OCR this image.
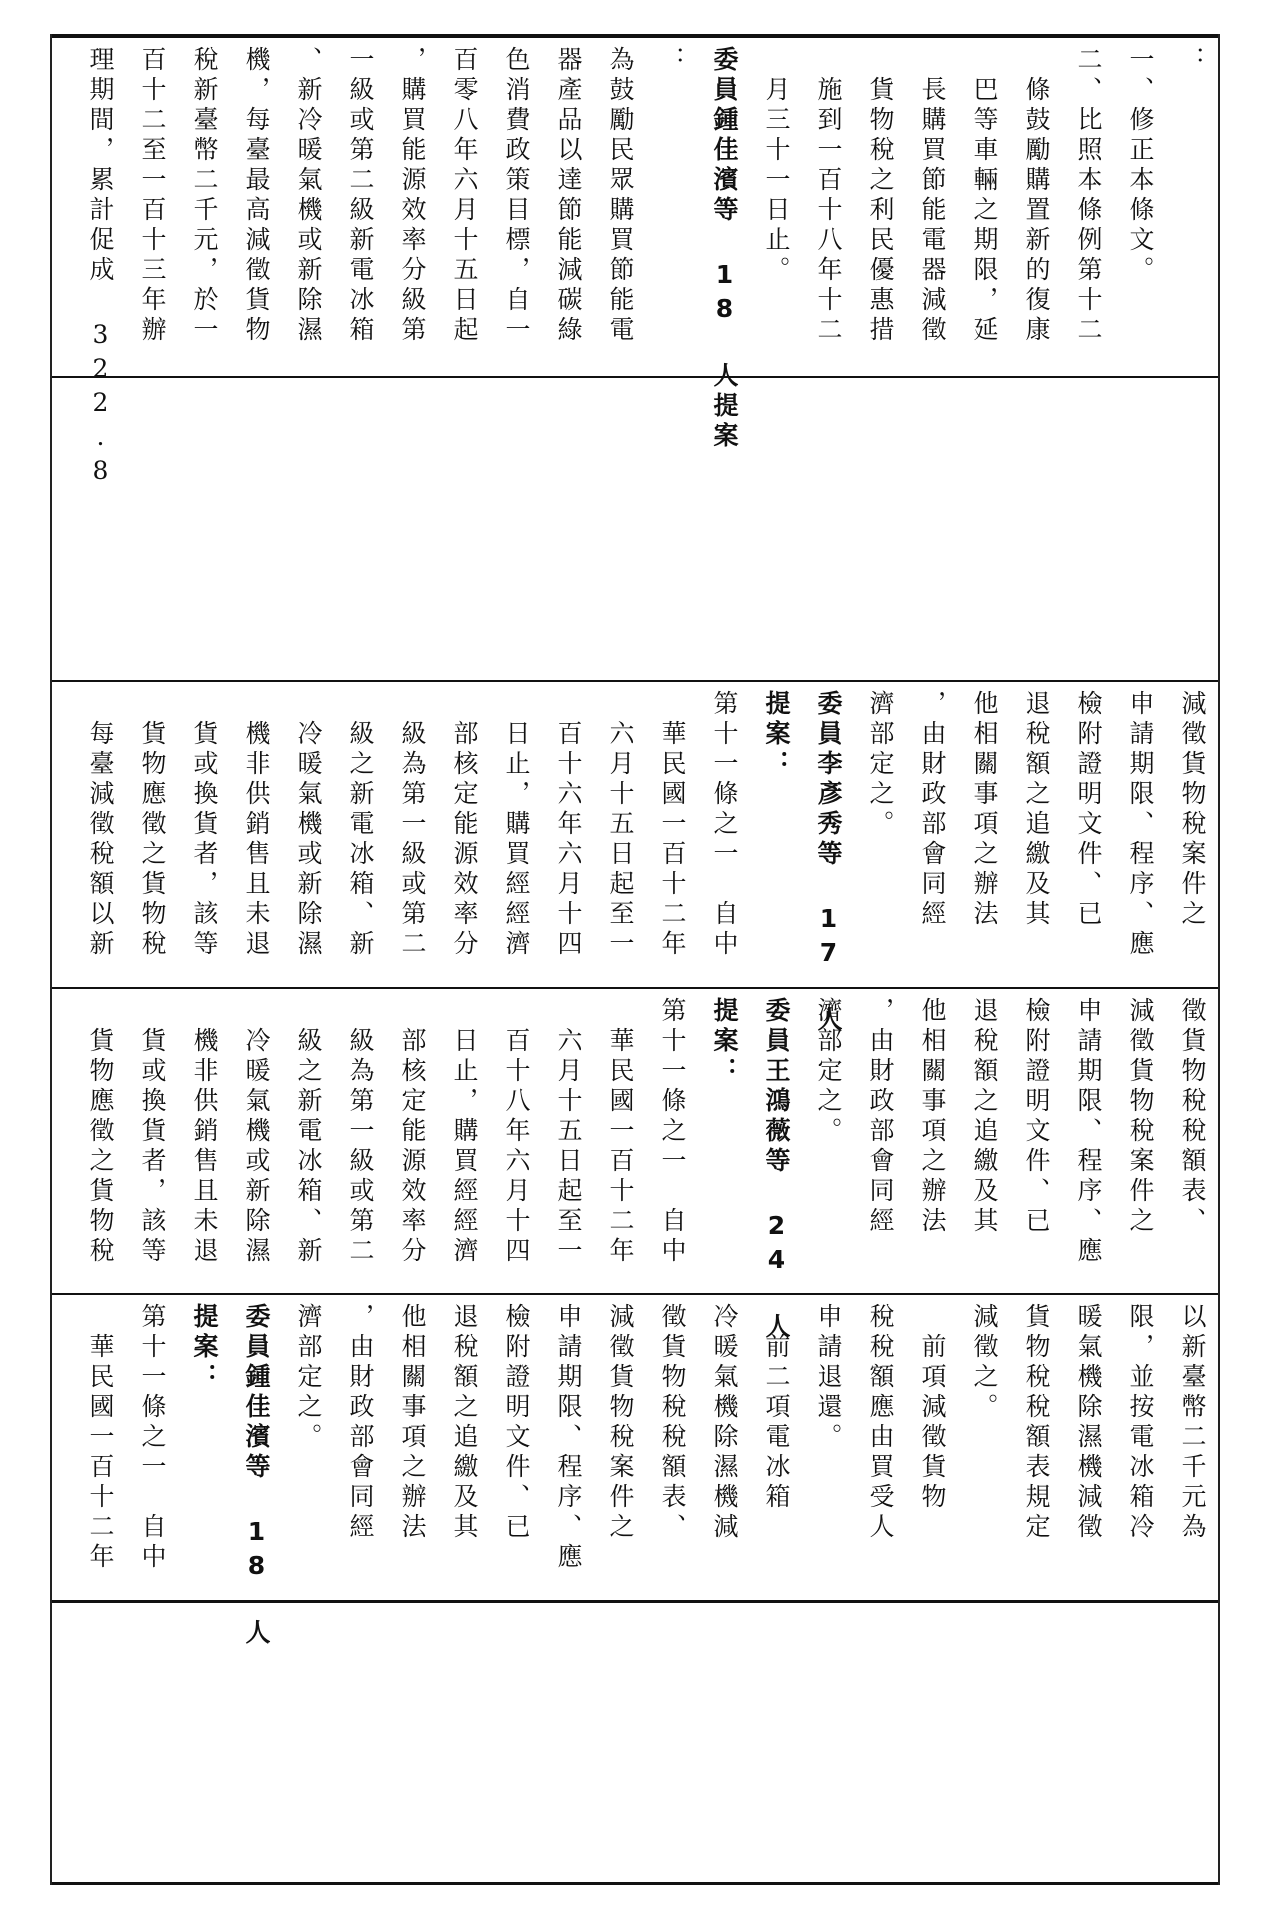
：
一、修正本條文。
二、比照本條例第十二
　條鼓勵購置新的復康
　巴等車輛之期限，延
　長購買節能電器減徵
　貨物稅之利民優惠措
　施到一百十八年十二
　月三十一日止。
委員鍾佳濱等 18 人提案
：
為鼓勵民眾購買節能電
器產品以達節能減碳綠
色消費政策目標，自一
百零八年六月十五日起
，購買能源效率分級第
一級或第二級新電冰箱
、新冷暖氣機或新除濕
機，每臺最高減徵貨物
稅新臺幣二千元，於一
百十二至一百十三年辦
理期間，累計促成 322.8
減徵貨物稅案件之
申請期限、程序、應
檢附證明文件、已
退稅額之追繳及其
他相關事項之辦法
，由財政部會同經
濟部定之。
委員李彥秀等 17 人
提案：
第十一條之一　自中
　華民國一百十二年
　六月十五日起至一
　百十六年六月十四
　日止，購買經經濟
　部核定能源效率分
　級為第一級或第二
　級之新電冰箱、新
　冷暖氣機或新除濕
　機非供銷售且未退
　貨或換貨者，該等
　貨物應徵之貨物稅
　每臺減徵稅額以新
徵貨物稅稅額表、
減徵貨物稅案件之
申請期限、程序、應
檢附證明文件、已
退稅額之追繳及其
他相關事項之辦法
，由財政部會同經
濟部定之。
委員王鴻薇等 24 人
提案：
第十一條之一　自中
　華民國一百十二年
　六月十五日起至一
　百十八年六月十四
　日止，購買經經濟
　部核定能源效率分
　級為第一級或第二
　級之新電冰箱、新
　冷暖氣機或新除濕
　機非供銷售且未退
　貨或換貨者，該等
　貨物應徵之貨物稅
以新臺幣二千元為
限，並按電冰箱冷
暖氣機除濕機減徵
貨物稅稅額表規定
減徵之。
　前項減徵貨物
稅稅額應由買受人
申請退還。
　前二項電冰箱
冷暖氣機除濕機減
徵貨物稅稅額表、
減徵貨物稅案件之
申請期限、程序、應
檢附證明文件、已
退稅額之追繳及其
他相關事項之辦法
，由財政部會同經
濟部定之。
委員鍾佳濱等 18 人
提案：
第十一條之一　自中
　華民國一百十二年
